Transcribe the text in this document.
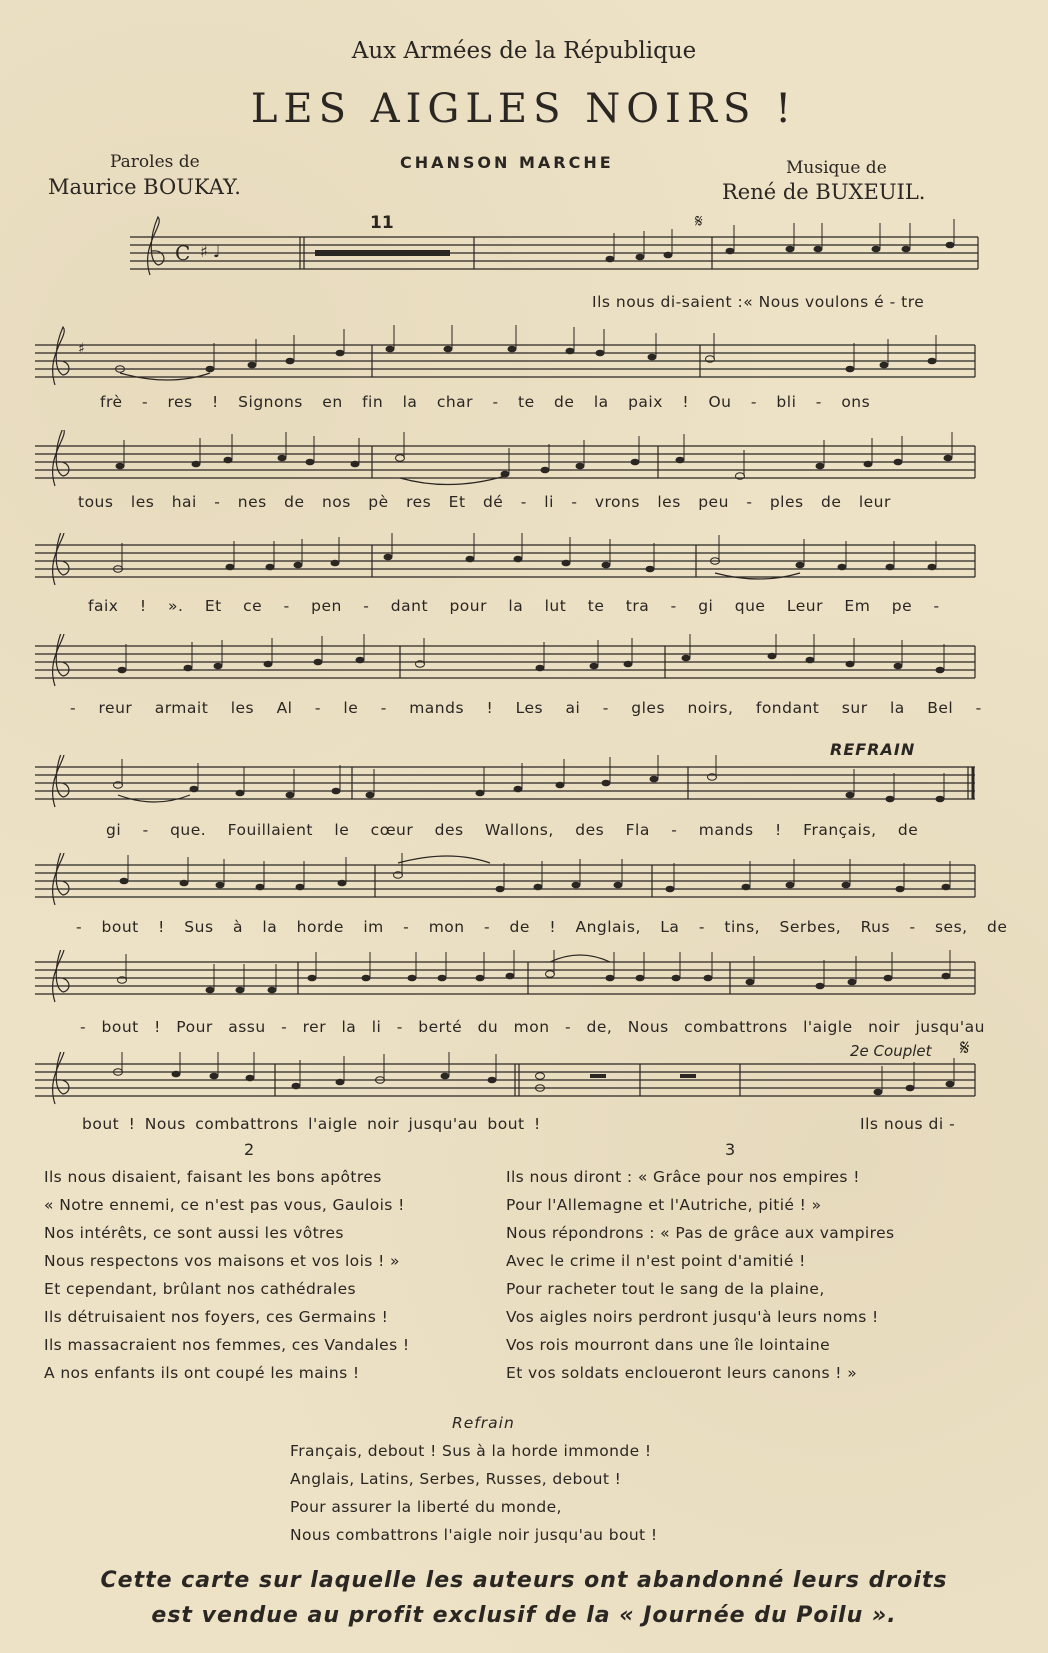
Aux Armées de la République
LES AIGLES NOIRS !
CHANSON MARCHE
Paroles de
Maurice BOUKAY.
Musique de
René de BUXEUIL.
C ♯ ♩
11	𝄋
Ils nous di-saient :« Nous voulons é - tre
♯
frè - res ! Signons en fin la char - te de la paix ! Ou - bli - ons
tous les hai - nes de nos pè res Et dé - li - vrons les peu - ples de leur
faix ! ». Et ce - pen - dant pour la lut te tra - gi que Leur Em pe -
- reur armait les Al - le - mands ! Les ai - gles noirs, fondant sur la Bel -
REFRAIN
gi - que. Fouillaient le cœur des Wallons, des Fla - mands ! Français, de
- bout ! Sus à la horde im - mon - de ! Anglais, La - tins, Serbes, Rus - ses, de
- bout ! Pour assu - rer la li - berté du mon - de, Nous combattrons l'aigle noir jusqu'au
2e Couplet 𝄋
bout ! Nous combattrons l'aigle noir jusqu'au bout !	Ils nous di -
2
Ils nous disaient, faisant les bons apôtres
« Notre ennemi, ce n'est pas vous, Gaulois !
Nos intérêts, ce sont aussi les vôtres
Nous respectons vos maisons et vos lois ! »
Et cependant, brûlant nos cathédrales
Ils détruisaient nos foyers, ces Germains !
Ils massacraient nos femmes, ces Vandales !
A nos enfants ils ont coupé les mains !
3
Ils nous diront : « Grâce pour nos empires !
Pour l'Allemagne et l'Autriche, pitié ! »
Nous répondrons : « Pas de grâce aux vampires
Avec le crime il n'est point d'amitié !
Pour racheter tout le sang de la plaine,
Vos aigles noirs perdront jusqu'à leurs noms !
Vos rois mourront dans une île lointaine
Et vos soldats encloueront leurs canons ! »
Refrain
Français, debout ! Sus à la horde immonde !
Anglais, Latins, Serbes, Russes, debout !
Pour assurer la liberté du monde,
Nous combattrons l'aigle noir jusqu'au bout !
Cette carte sur laquelle les auteurs ont abandonné leurs droits
est vendue au profit exclusif de la « Journée du Poilu ».
